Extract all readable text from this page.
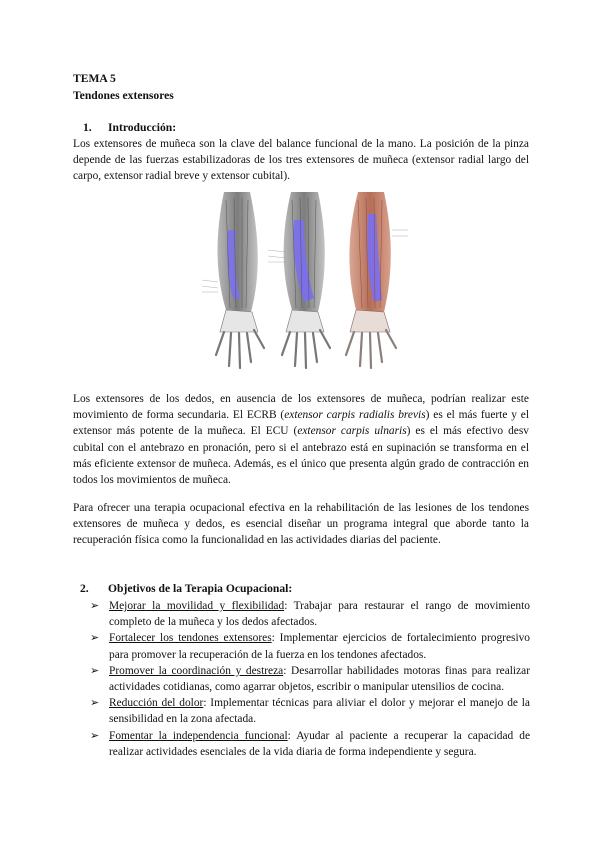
TEMA 5
Tendones extensores
1. Introducción:
Los extensores de muñeca son la clave del balance funcional de la mano. La posición de la pinza depende de las fuerzas estabilizadoras de los tres extensores de muñeca (extensor radial largo del carpo, extensor radial breve y extensor cubital).
Los extensores de los dedos, en ausencia de los extensores de muñeca, podrían realizar este movimiento de forma secundaria. El ECRB (extensor carpis radialis brevis) es el más fuerte y el extensor más potente de la muñeca. El ECU (extensor carpis ulnaris) es el más efectivo desv cubital con el antebrazo en pronación, pero si el antebrazo está en supinación se transforma en el más eficiente extensor de muñeca. Además, es el único que presenta algún grado de contracción en todos los movimientos de muñeca.
Para ofrecer una terapia ocupacional efectiva en la rehabilitación de las lesiones de los tendones extensores de muñeca y dedos, es esencial diseñar un programa integral que aborde tanto la recuperación física como la funcionalidad en las actividades diarias del paciente.
2. Objetivos de la Terapia Ocupacional:
➢ Mejorar la movilidad y flexibilidad: Trabajar para restaurar el rango de movimiento completo de la muñeca y los dedos afectados.
➢ Fortalecer los tendones extensores: Implementar ejercicios de fortalecimiento progresivo para promover la recuperación de la fuerza en los tendones afectados.
➢ Promover la coordinación y destreza: Desarrollar habilidades motoras finas para realizar actividades cotidianas, como agarrar objetos, escribir o manipular utensilios de cocina.
➢ Reducción del dolor: Implementar técnicas para aliviar el dolor y mejorar el manejo de la sensibilidad en la zona afectada.
➢ Fomentar la independencia funcional: Ayudar al paciente a recuperar la capacidad de realizar actividades esenciales de la vida diaria de forma independiente y segura.
